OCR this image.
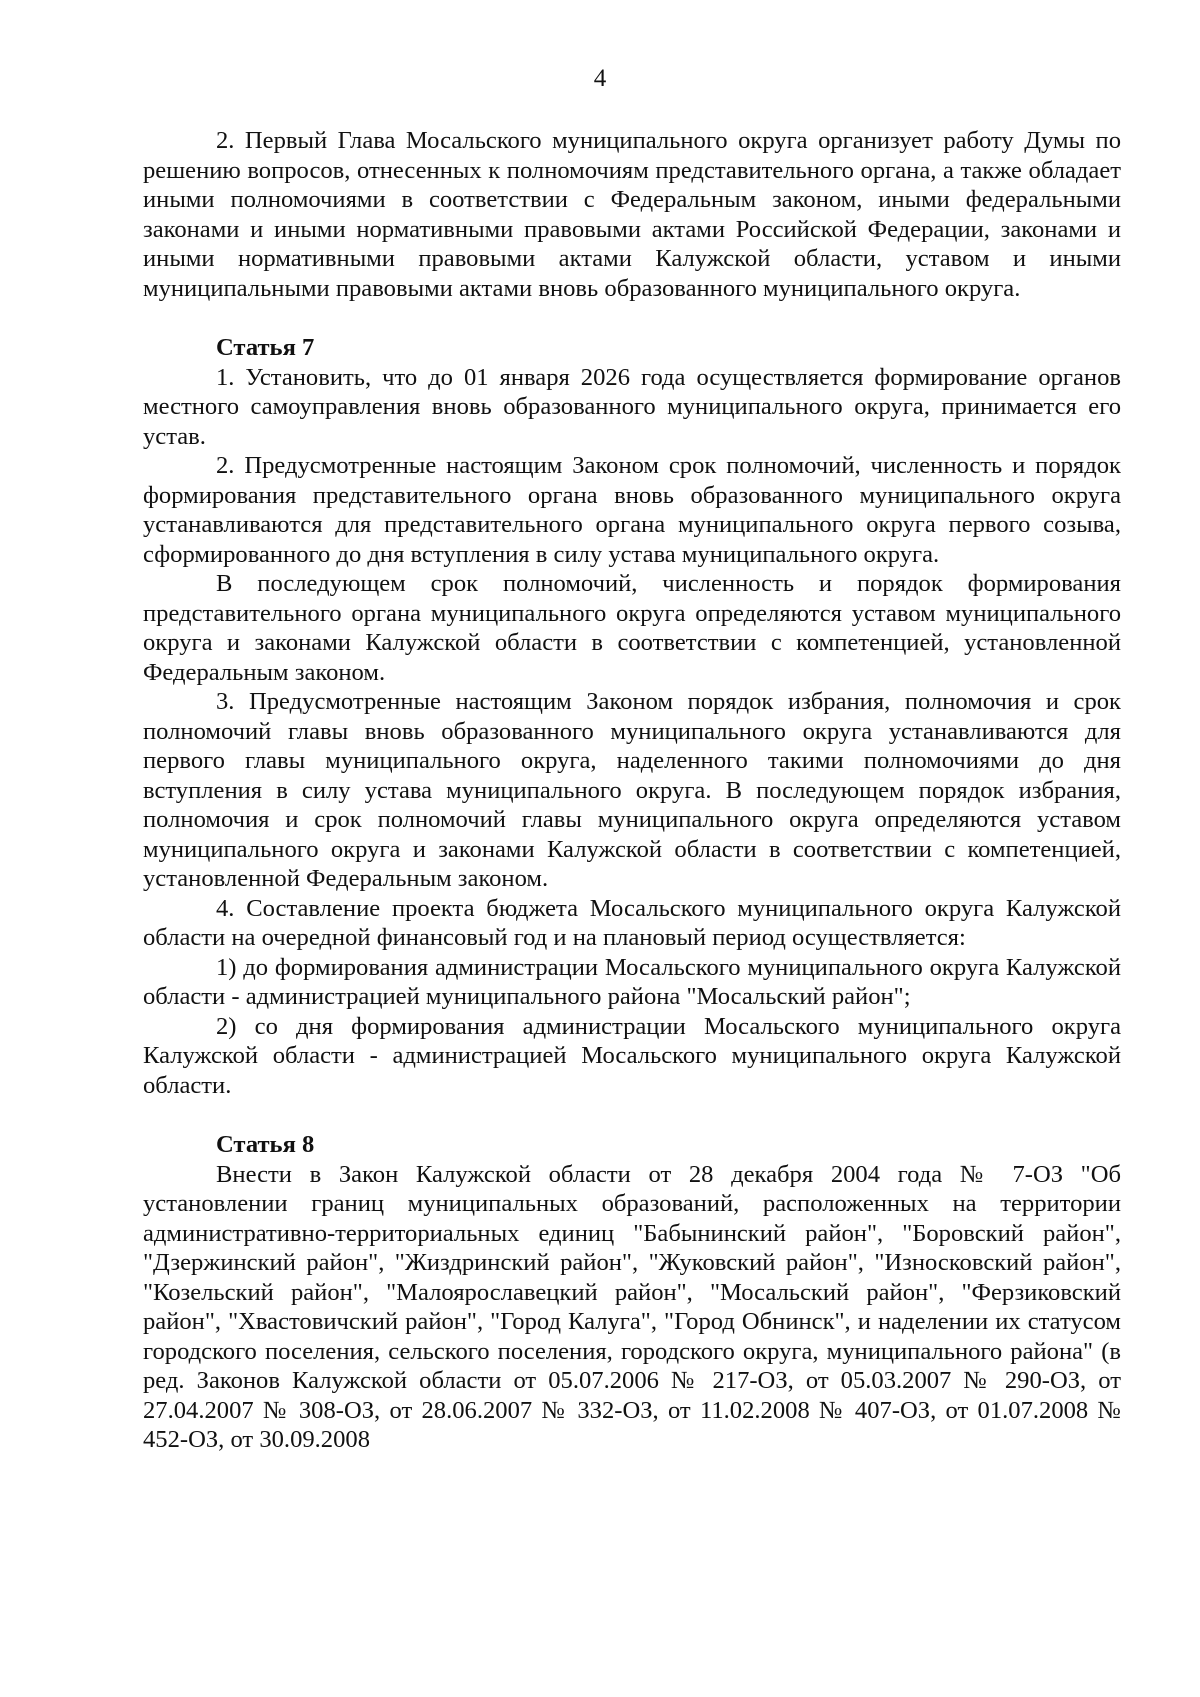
4

2. Первый Глава Мосальского муниципального округа организует работу Думы по решению вопросов, отнесенных к полномочиям представительного органа, а также обладает иными полномочиями в соответствии с Федеральным законом, иными федеральными законами и иными нормативными правовыми актами Российской Федерации, законами и иными нормативными правовыми актами Калужской области, уставом и иными муниципальными правовыми актами вновь образованного муниципального округа.

Статья 7

1. Установить, что до 01 января 2026 года осуществляется формирование органов местного самоуправления вновь образованного муниципального округа, принимается его устав.

2. Предусмотренные настоящим Законом срок полномочий, численность и порядок формирования представительного органа вновь образованного муниципального округа устанавливаются для представительного органа муниципального округа первого созыва, сформированного до дня вступления в силу устава муниципального округа.

В последующем срок полномочий, численность и порядок формирования представительного органа муниципального округа определяются уставом муниципального округа и законами Калужской области в соответствии с компетенцией, установленной Федеральным законом.

3. Предусмотренные настоящим Законом порядок избрания, полномочия и срок полномочий главы вновь образованного муниципального округа устанавливаются для первого главы муниципального округа, наделенного такими полномочиями до дня вступления в силу устава муниципального округа. В последующем порядок избрания, полномочия и срок полномочий главы муниципального округа определяются уставом муниципального округа и законами Калужской области в соответствии с компетенцией, установленной Федеральным законом.

4. Составление проекта бюджета Мосальского муниципального округа Калужской области на очередной финансовый год и на плановый период осуществляется:

1) до формирования администрации Мосальского муниципального округа Калужской области - администрацией муниципального района "Мосальский район";

2) со дня формирования администрации Мосальского муниципального округа Калужской области - администрацией Мосальского муниципального округа Калужской области.

Статья 8

Внести в Закон Калужской области от 28 декабря 2004 года № 7-ОЗ "Об установлении границ муниципальных образований, расположенных на территории административно-территориальных единиц "Бабынинский район", "Боровский район", "Дзержинский район", "Жиздринский район", "Жуковский район", "Износковский район", "Козельский район", "Малоярославецкий район", "Мосальский район", "Ферзиковский район", "Хвастовичский район", "Город Калуга", "Город Обнинск", и наделении их статусом городского поселения, сельского поселения, городского округа, муниципального района" (в ред. Законов Калужской области от 05.07.2006 № 217-ОЗ, от 05.03.2007 № 290-ОЗ, от 27.04.2007 № 308-ОЗ, от 28.06.2007 № 332-ОЗ, от 11.02.2008 № 407-ОЗ, от 01.07.2008 № 452-ОЗ, от 30.09.2008
